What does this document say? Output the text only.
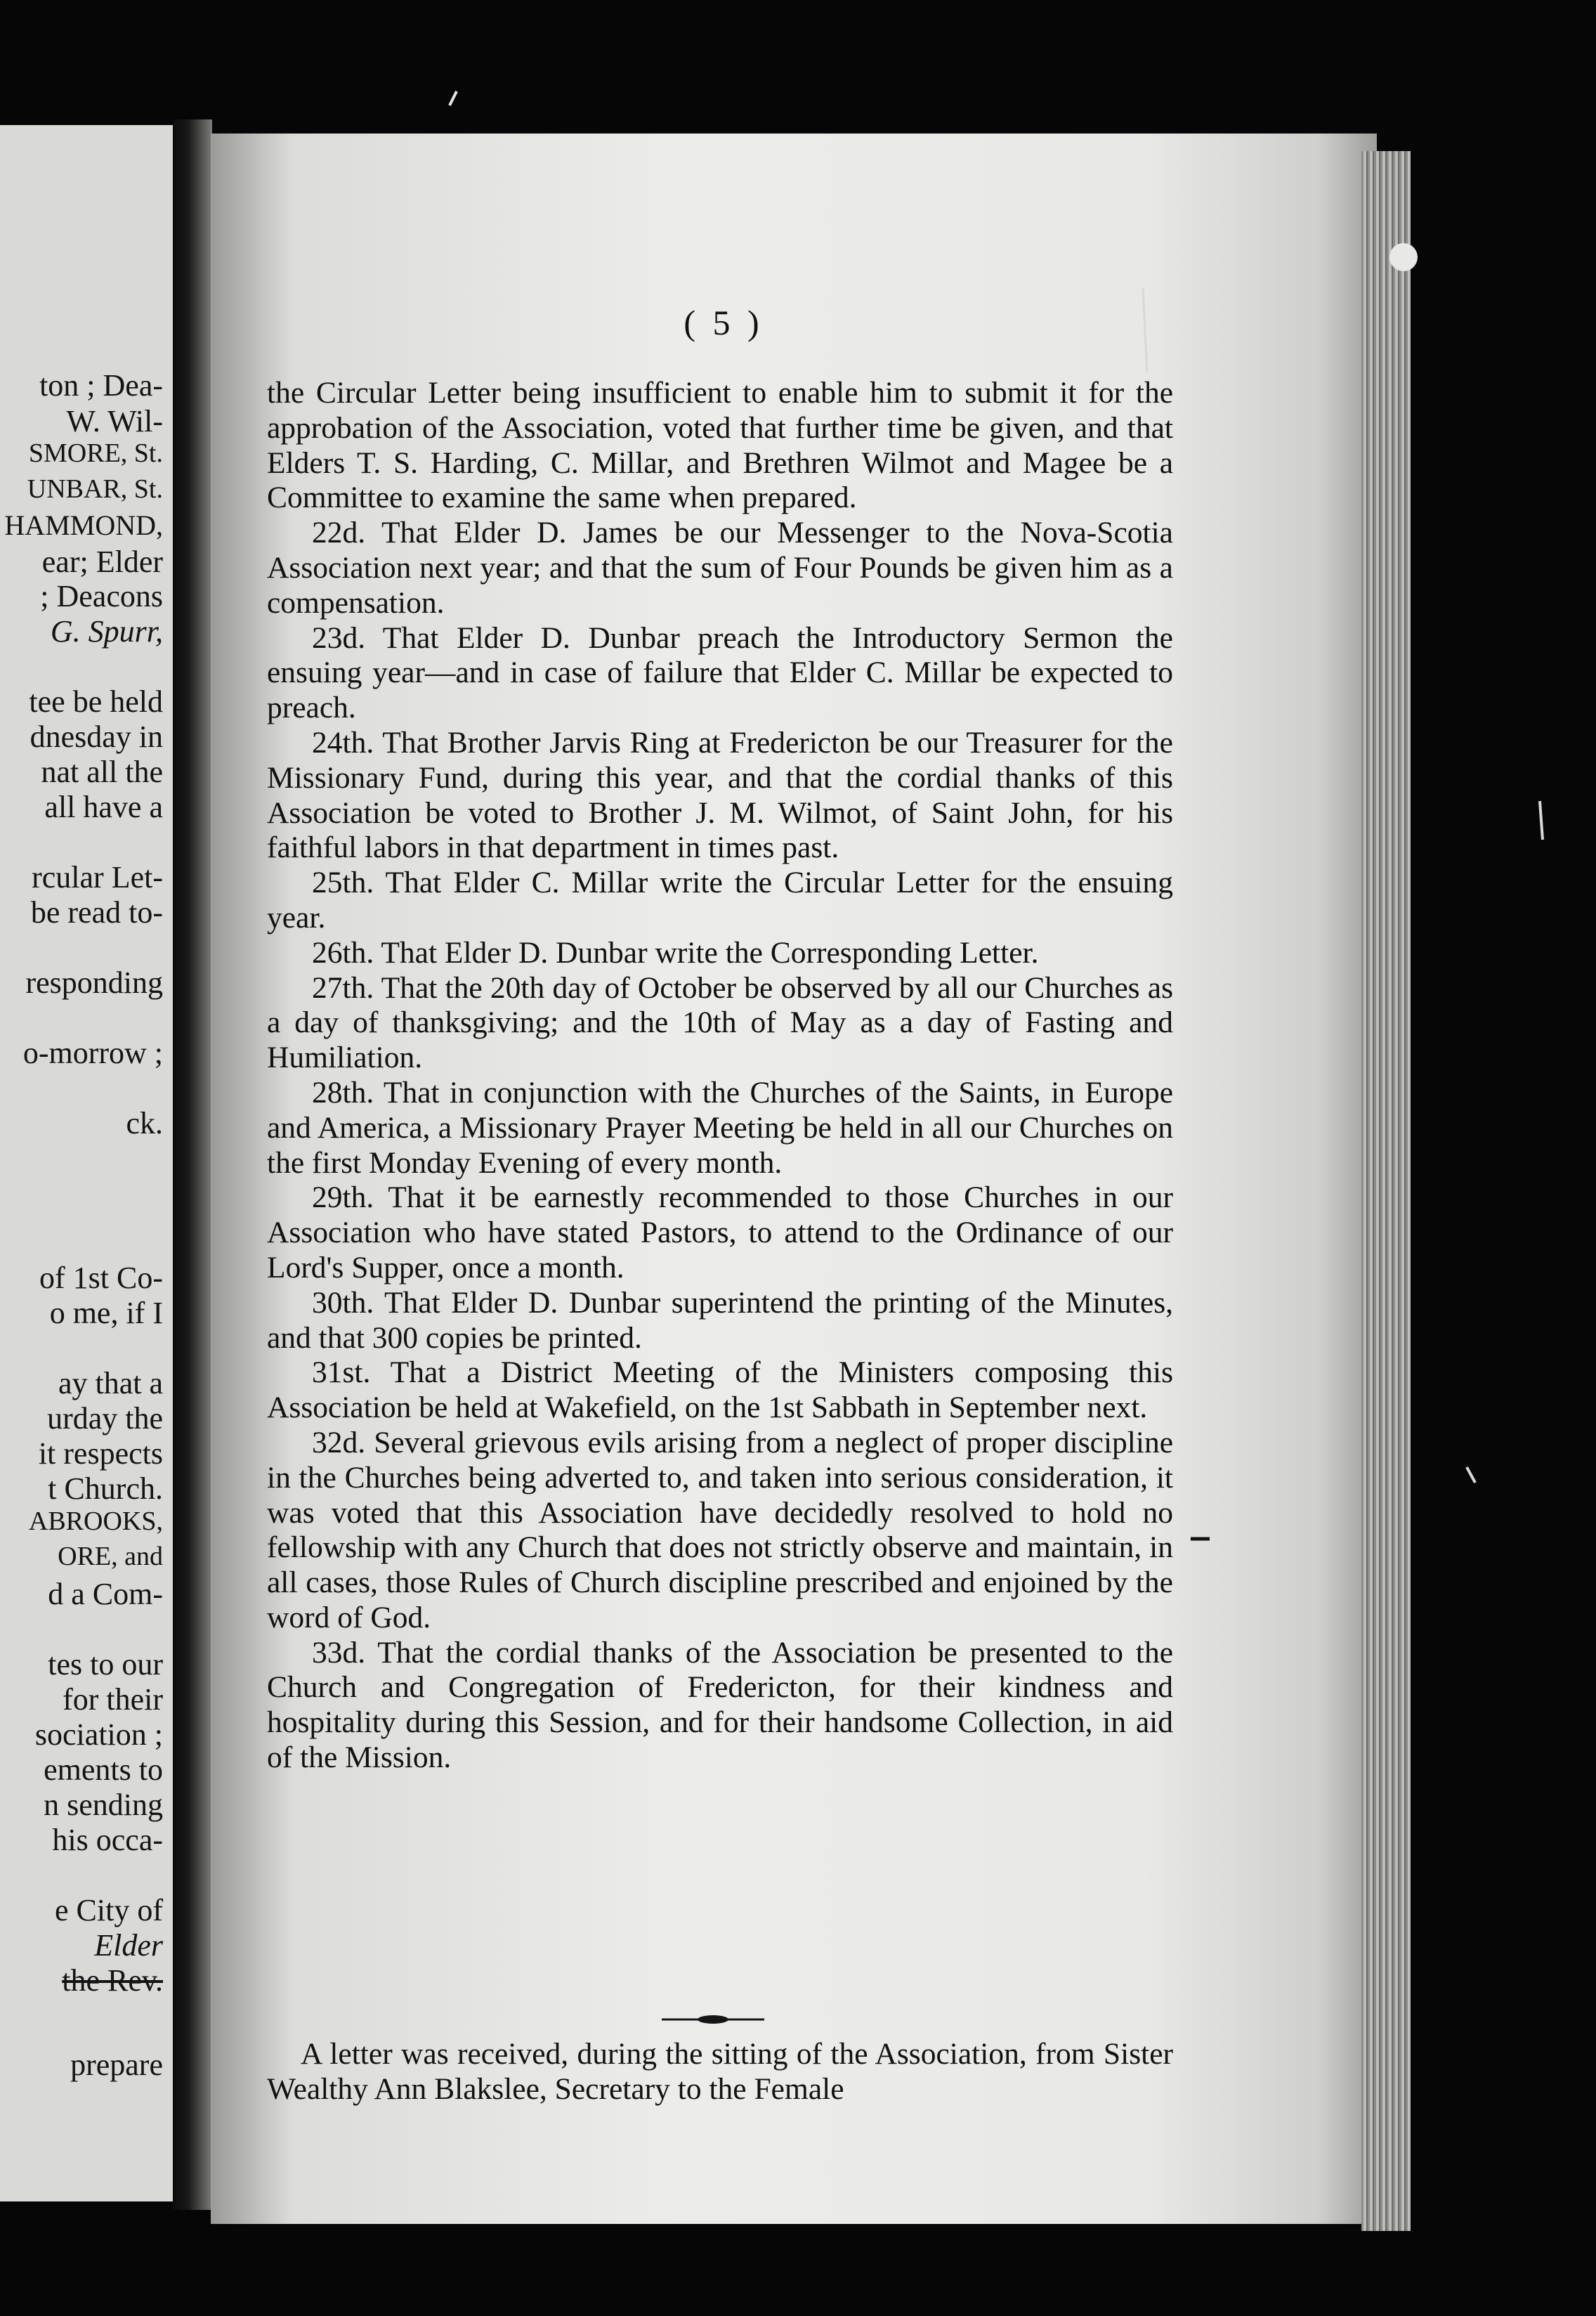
ton ; Dea-
W. Wil-
SMORE, St.
UNBAR, St.
HAMMOND,
ear; Elder
; Deacons
G. Spurr,
tee be held
dnesday in
nat all the
all have a
rcular Let-
be read to-
responding
o-morrow ;
ck.
of 1st Co-
o me, if I
ay that a
urday the
it respects
t Church.
ABROOKS,
ORE, and
d a Com-
tes to our
for their
sociation ;
ements to
n sending
his occa-
e City of
Elder
the Rev.
prepare
( 5 )

the Circular Letter being insufficient to enable him to submit it for the approbation of the Association, voted that further time be given, and that Elders T. S. Harding, C. Millar, and Brethren Wilmot and Magee be a Committee to examine the same when prepared.

22d. That Elder D. James be our Messenger to the Nova-Scotia Association next year; and that the sum of Four Pounds be given him as a compensation.

23d. That Elder D. Dunbar preach the Introductory Sermon the ensuing year—and in case of failure that Elder C. Millar be expected to preach.

24th. That Brother Jarvis Ring at Fredericton be our Treasurer for the Missionary Fund, during this year, and that the cordial thanks of this Association be voted to Brother J. M. Wilmot, of Saint John, for his faithful labors in that department in times past.

25th. That Elder C. Millar write the Circular Letter for the ensuing year.

26th. That Elder D. Dunbar write the Corresponding Letter.

27th. That the 20th day of October be observed by all our Churches as a day of thanksgiving; and the 10th of May as a day of Fasting and Humiliation.

28th. That in conjunction with the Churches of the Saints, in Europe and America, a Missionary Prayer Meeting be held in all our Churches on the first Monday Evening of every month.

29th. That it be earnestly recommended to those Churches in our Association who have stated Pastors, to attend to the Ordinance of our Lord's Supper, once a month.

30th. That Elder D. Dunbar superintend the printing of the Minutes, and that 300 copies be printed.

31st. That a District Meeting of the Ministers composing this Association be held at Wakefield, on the 1st Sabbath in September next.

32d. Several grievous evils arising from a neglect of proper discipline in the Churches being adverted to, and taken into serious consideration, it was voted that this Association have decidedly resolved to hold no fellowship with any Church that does not strictly observe and maintain, in all cases, those Rules of Church discipline prescribed and enjoined by the word of God.

33d. That the cordial thanks of the Association be presented to the Church and Congregation of Fredericton, for their kindness and hospitality during this Session, and for their handsome Collection, in aid of the Mission.

A letter was received, during the sitting of the Association, from Sister Wealthy Ann Blakslee, Secretary to the Female
